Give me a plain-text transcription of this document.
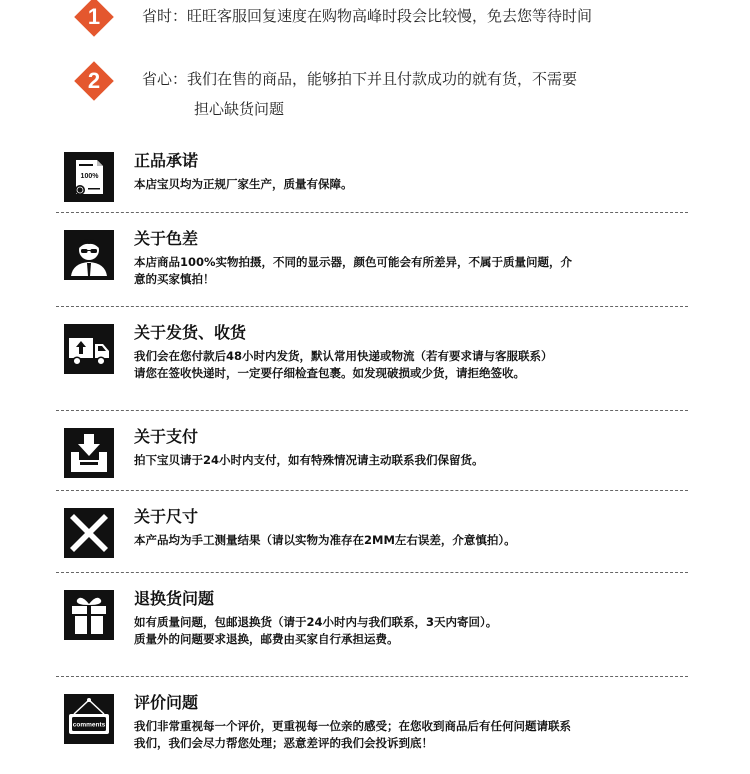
1	省时：旺旺客服回复速度在购物高峰时段会比较慢，免去您等待时间
2	省心：我们在售的商品，能够拍下并且付款成功的就有货，不需要
担心缺货问题
100%
正品承诺
本店宝贝均为正规厂家生产，质量有保障。
关于色差
本店商品100%实物拍摄，不同的显示器，颜色可能会有所差异，不属于质量问题，介
意的买家慎拍！
关于发货、收货
我们会在您付款后48小时内发货，默认常用快递或物流（若有要求请与客服联系）
请您在签收快递时，一定要仔细检查包裹。如发现破损或少货，请拒绝签收。
关于支付
拍下宝贝请于24小时内支付，如有特殊情况请主动联系我们保留货。
关于尺寸
本产品均为手工测量结果（请以实物为准存在2MM左右误差，介意慎拍）。
退换货问题
如有质量问题，包邮退换货（请于24小时内与我们联系，3天内寄回）。
质量外的问题要求退换，邮费由买家自行承担运费。
comments
评价问题
我们非常重视每一个评价，更重视每一位亲的感受；在您收到商品后有任何问题请联系
我们，我们会尽力帮您处理；恶意差评的我们会投诉到底！
